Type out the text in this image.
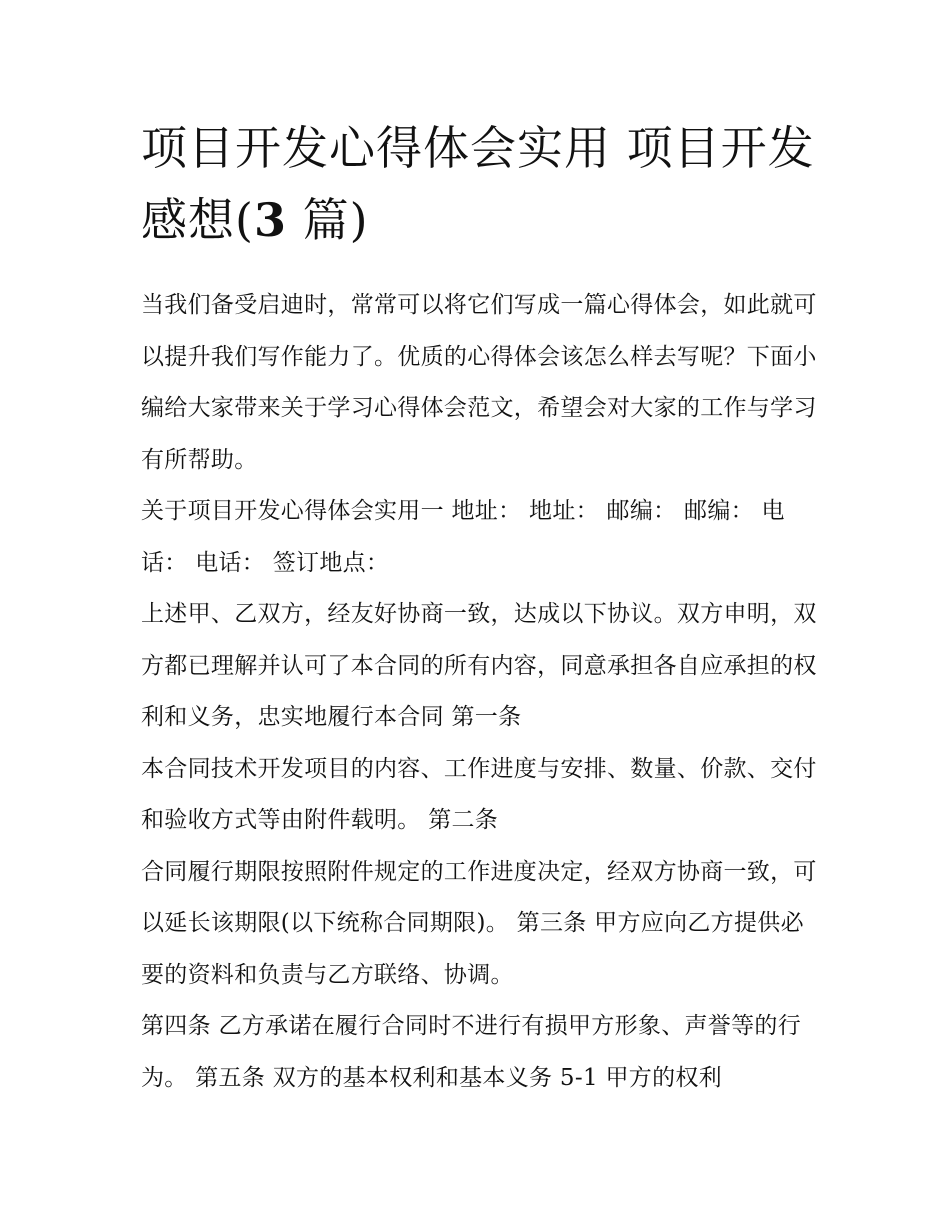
项目开发心得体会实用 项目开发感想(3 篇)

当我们备受启迪时，常常可以将它们写成一篇心得体会，如此就可以提升我们写作能力了。优质的心得体会该怎么样去写呢？下面小编给大家带来关于学习心得体会范文，希望会对大家的工作与学习有所帮助。

关于项目开发心得体会实用一 地址： 地址： 邮编： 邮编： 电话： 电话： 签订地点：

上述甲、乙双方，经友好协商一致，达成以下协议。双方申明，双方都已理解并认可了本合同的所有内容，同意承担各自应承担的权利和义务，忠实地履行本合同 第一条

本合同技术开发项目的内容、工作进度与安排、数量、价款、交付和验收方式等由附件载明。 第二条

合同履行期限按照附件规定的工作进度决定，经双方协商一致，可以延长该期限(以下统称合同期限)。 第三条 甲方应向乙方提供必要的资料和负责与乙方联络、协调。

第四条 乙方承诺在履行合同时不进行有损甲方形象、声誉等的行为。 第五条 双方的基本权利和基本义务 5-1 甲方的权利
